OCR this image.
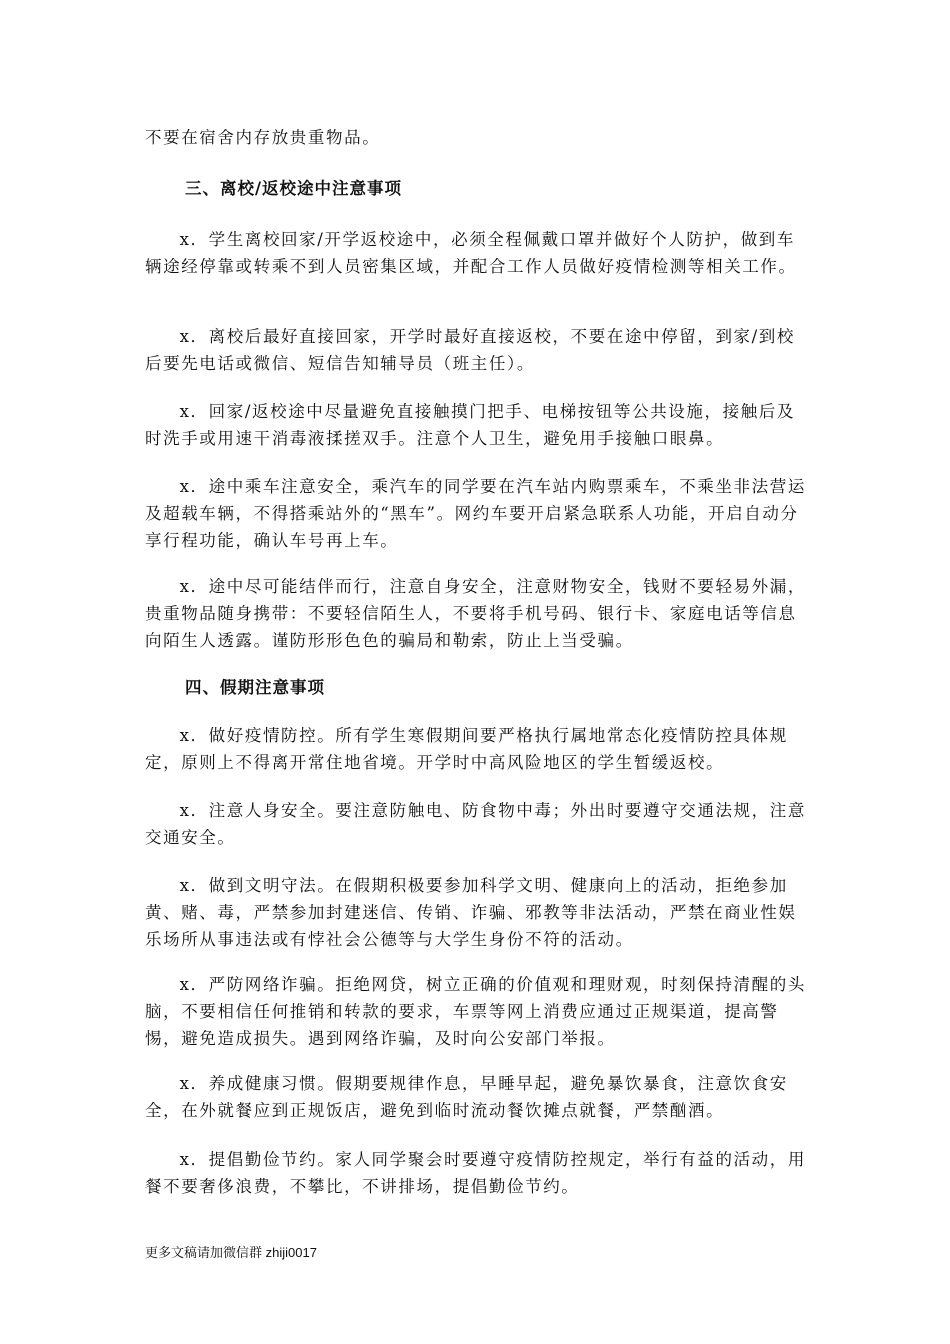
不要在宿舍内存放贵重物品。

三、离校/返校途中注意事项

x．学生离校回家/开学返校途中，必须全程佩戴口罩并做好个人防护，做到车辆途经停靠或转乘不到人员密集区域，并配合工作人员做好疫情检测等相关工作。

x．离校后最好直接回家，开学时最好直接返校，不要在途中停留，到家/到校后要先电话或微信、短信告知辅导员（班主任）。

x．回家/返校途中尽量避免直接触摸门把手、电梯按钮等公共设施，接触后及时洗手或用速干消毒液揉搓双手。注意个人卫生，避免用手接触口眼鼻。

x．途中乘车注意安全，乘汽车的同学要在汽车站内购票乘车，不乘坐非法营运及超载车辆，不得搭乘站外的“黑车”。网约车要开启紧急联系人功能，开启自动分享行程功能，确认车号再上车。

x．途中尽可能结伴而行，注意自身安全，注意财物安全，钱财不要轻易外漏，贵重物品随身携带：不要轻信陌生人，不要将手机号码、银行卡、家庭电话等信息向陌生人透露。谨防形形色色的骗局和勒索，防止上当受骗。

四、假期注意事项

x．做好疫情防控。所有学生寒假期间要严格执行属地常态化疫情防控具体规定，原则上不得离开常住地省境。开学时中高风险地区的学生暂缓返校。

x．注意人身安全。要注意防触电、防食物中毒；外出时要遵守交通法规，注意交通安全。

x．做到文明守法。在假期积极要参加科学文明、健康向上的活动，拒绝参加黄、赌、毒，严禁参加封建迷信、传销、诈骗、邪教等非法活动，严禁在商业性娱乐场所从事违法或有悖社会公德等与大学生身份不符的活动。

x．严防网络诈骗。拒绝网贷，树立正确的价值观和理财观，时刻保持清醒的头脑，不要相信任何推销和转款的要求，车票等网上消费应通过正规渠道，提高警惕，避免造成损失。遇到网络诈骗，及时向公安部门举报。

x．养成健康习惯。假期要规律作息，早睡早起，避免暴饮暴食，注意饮食安全，在外就餐应到正规饭店，避免到临时流动餐饮摊点就餐，严禁酗酒。

x．提倡勤俭节约。家人同学聚会时要遵守疫情防控规定，举行有益的活动，用餐不要奢侈浪费，不攀比，不讲排场，提倡勤俭节约。

更多文稿请加微信群 zhiji0017
